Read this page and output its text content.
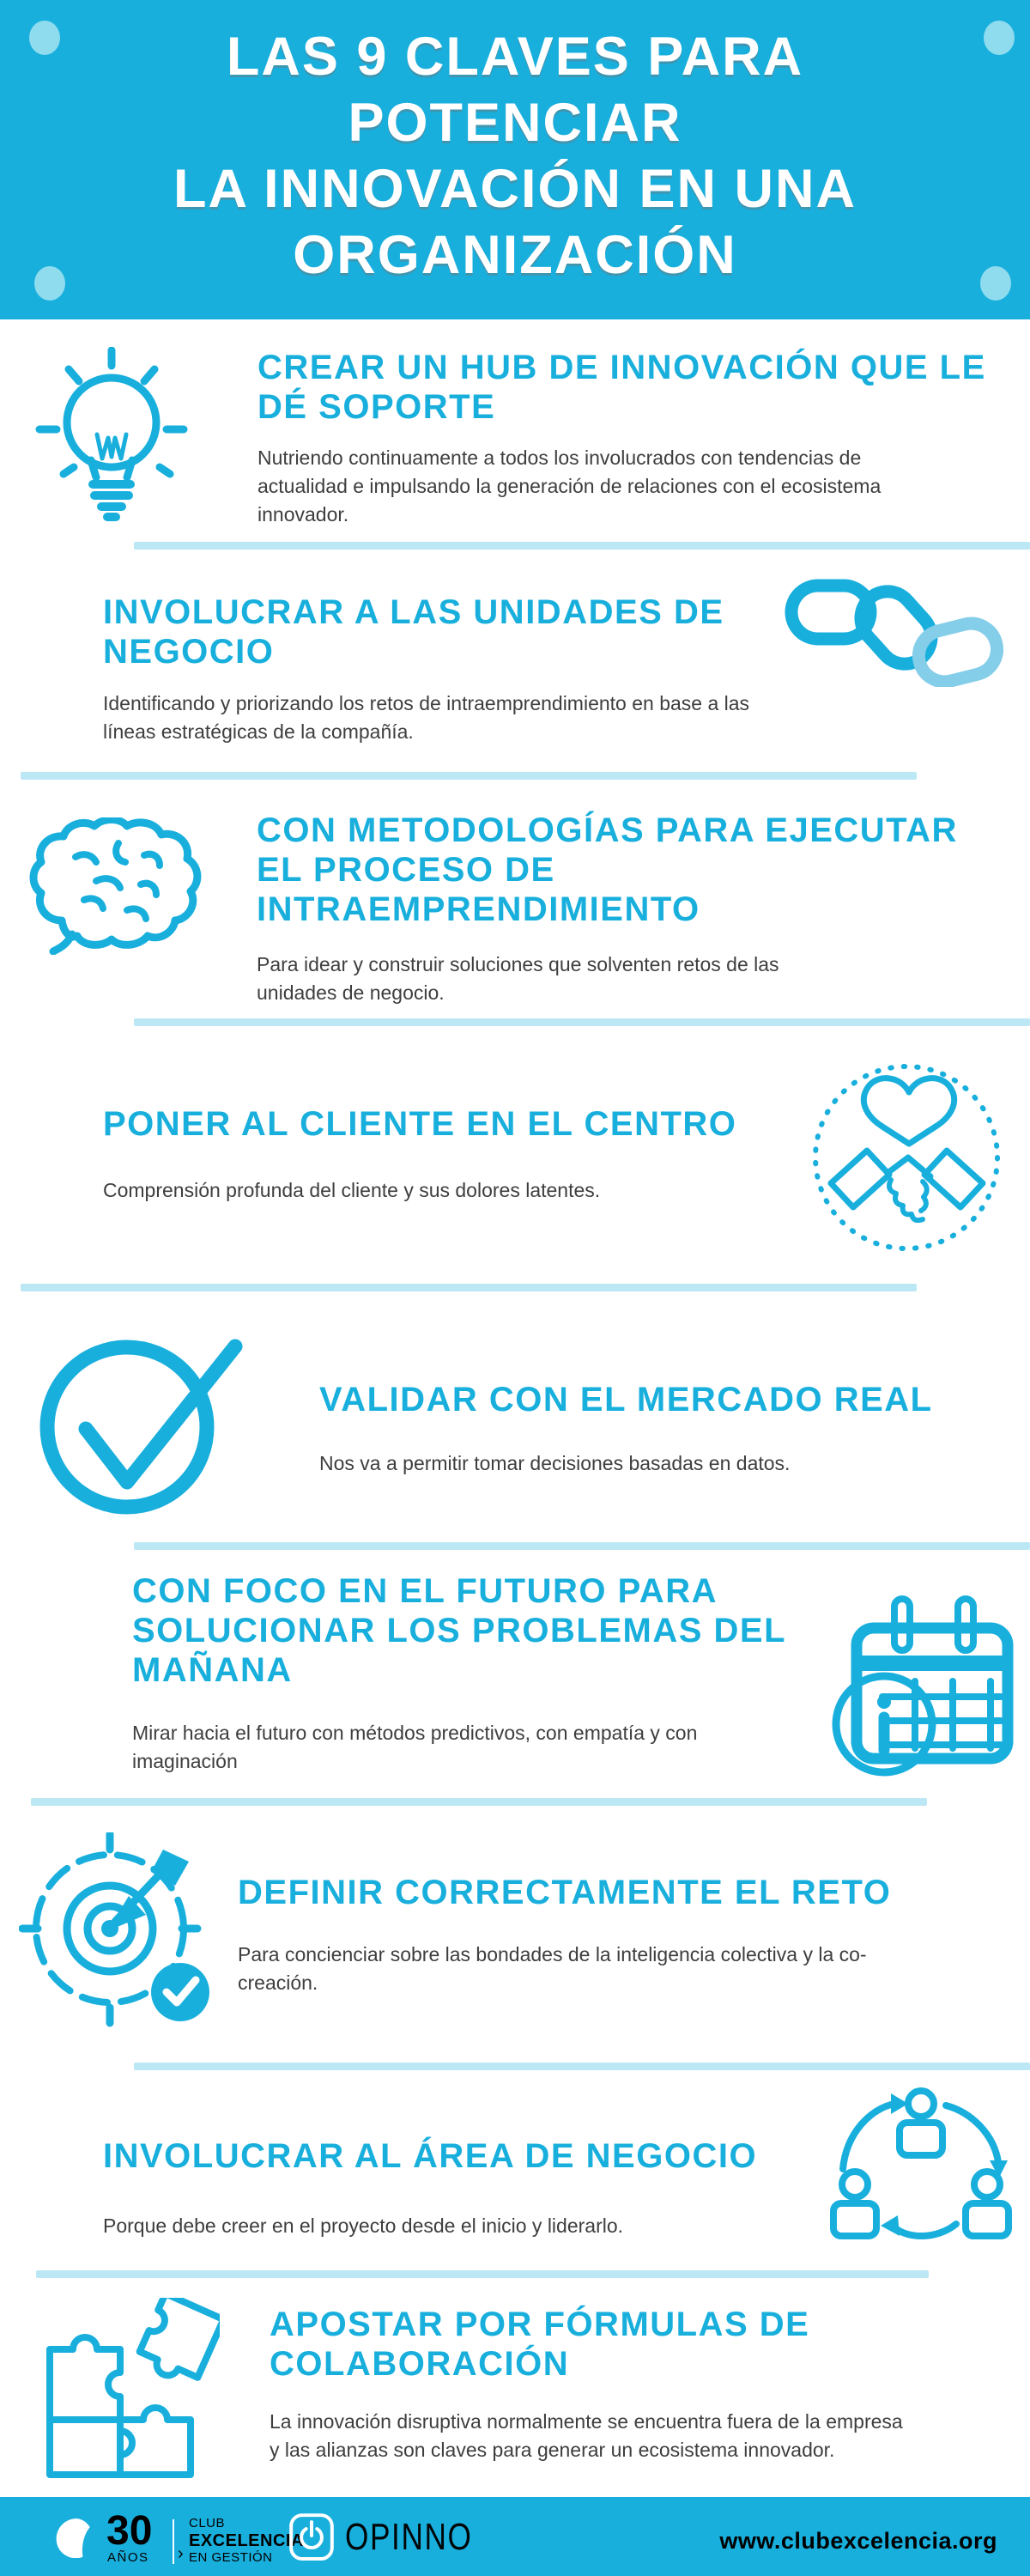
LAS 9 CLAVES PARA
POTENCIAR
LA INNOVACIÓN EN UNA
ORGANIZACIÓN
CREAR UN HUB DE INNOVACIÓN QUE LE
DÉ SOPORTE
Nutriendo continuamente a todos los involucrados con tendencias de
actualidad e impulsando la generación de relaciones con el ecosistema
innovador.
INVOLUCRAR A LAS UNIDADES DE
NEGOCIO
Identificando y priorizando los retos de intraemprendimiento en base a las
líneas estratégicas de la compañía.
CON METODOLOGÍAS PARA EJECUTAR
EL PROCESO DE
INTRAEMPRENDIMIENTO
Para idear y construir soluciones que solventen retos de las
unidades de negocio.
PONER AL CLIENTE EN EL CENTRO
Comprensión profunda del cliente y sus dolores latentes.
VALIDAR CON EL MERCADO REAL
Nos va a permitir tomar decisiones basadas en datos.
CON FOCO EN EL FUTURO PARA
SOLUCIONAR LOS PROBLEMAS DEL
MAÑANA
Mirar hacia el futuro con métodos predictivos, con empatía y con
imaginación
DEFINIR CORRECTAMENTE EL RETO
Para concienciar sobre las bondades de la inteligencia colectiva y la co-
creación.
INVOLUCRAR AL ÁREA DE NEGOCIO
Porque debe creer en el proyecto desde el inicio y liderarlo.
APOSTAR POR FÓRMULAS DE
COLABORACIÓN
La innovación disruptiva normalmente se encuentra fuera de la empresa
y las alianzas son claves para generar un ecosistema innovador.
30
AÑOS ›
CLUB
EXCELENCIA
EN GESTIÓN	OPINNO	www.clubexcelencia.org
